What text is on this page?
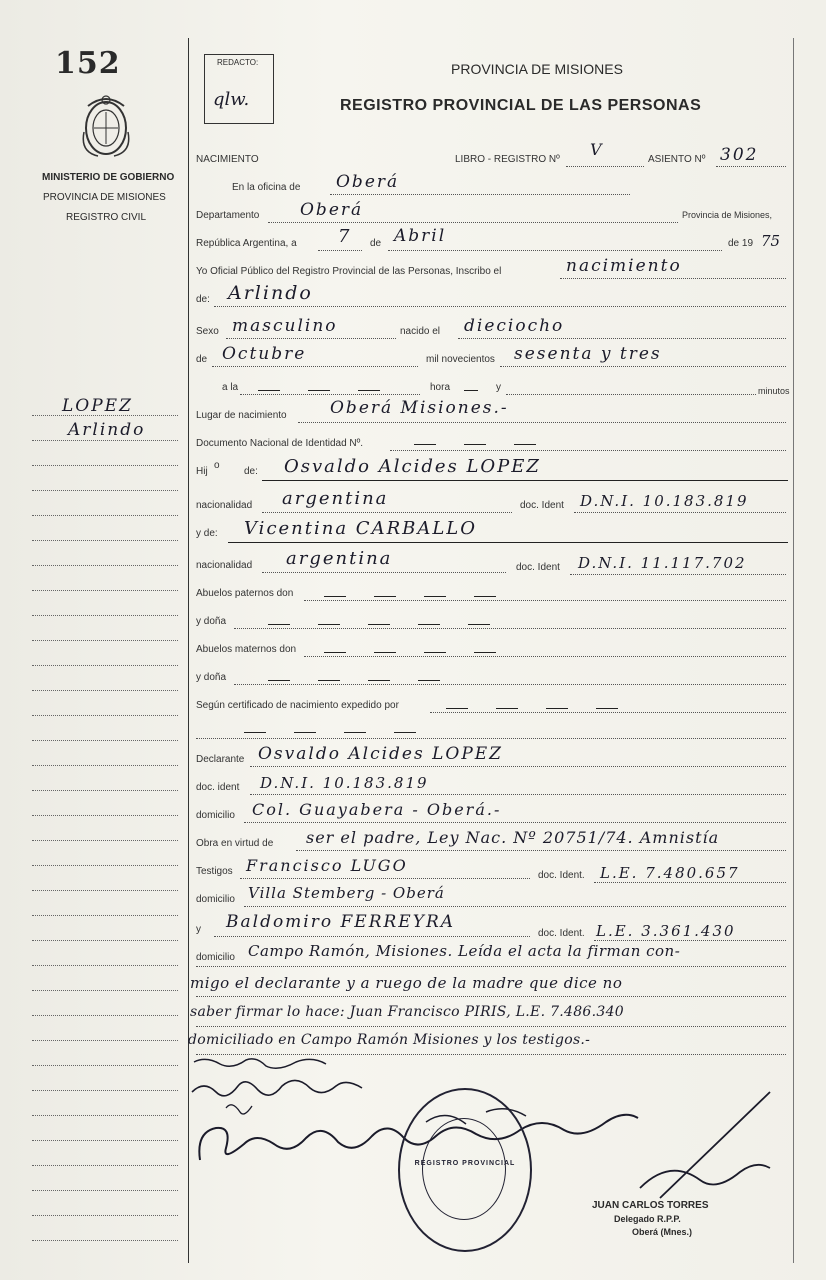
152
MINISTERIO DE GOBIERNO
PROVINCIA DE MISIONES
REGISTRO CIVIL
LOPEZ
Arlindo
REDACTO:
qlw.
PROVINCIA DE MISIONES
REGISTRO PROVINCIAL DE LAS PERSONAS
NACIMIENTO	LIBRO - REGISTRO Nº
V
ASIENTO Nº 302
En la oficina de Oberá
Departamento Oberá	Provincia de Misiones,
República Argentina, a 7 de Abril	de 19 75
Yo Oficial Público del Registro Provincial de las Personas, Inscribo el	nacimiento
de: Arlindo
Sexo masculino	nacido el dieciocho
de Octubre	mil novecientos sesenta y tres
a la	hora	y	minutos
Lugar de nacimiento	Oberá Misiones.-
Documento Nacional de Identidad Nº.
Hij
o
de: Osvaldo Alcides LOPEZ
nacionalidad argentina	doc. Ident D.N.I. 10.183.819
y de: Vicentina CARBALLO
nacionalidad argentina	doc. Ident D.N.I. 11.117.702
Abuelos paternos don
y doña
Abuelos maternos don
y doña
Según certificado de nacimiento expedido por
Declarante Osvaldo Alcides LOPEZ
doc. ident D.N.I. 10.183.819
domicilio Col. Guayabera - Oberá.-
Obra en virtud de ser el padre, Ley Nac. Nº 20751/74. Amnistía
Testigos Francisco LUGO
doc. Ident. L.E. 7.480.657
domicilio Villa Stemberg - Oberá
y Baldomiro FERREYRA
doc. Ident. L.E. 3.361.430
domicilio Campo Ramón, Misiones. Leída el acta la firman con-
migo el declarante y a ruego de la madre que dice no
saber firmar lo hace: Juan Francisco PIRIS, L.E. 7.486.340
domiciliado en Campo Ramón Misiones y los testigos.-
REGISTRO PROVINCIAL
JUAN CARLOS TORRES
Delegado R.P.P.
Oberá (Mnes.)
